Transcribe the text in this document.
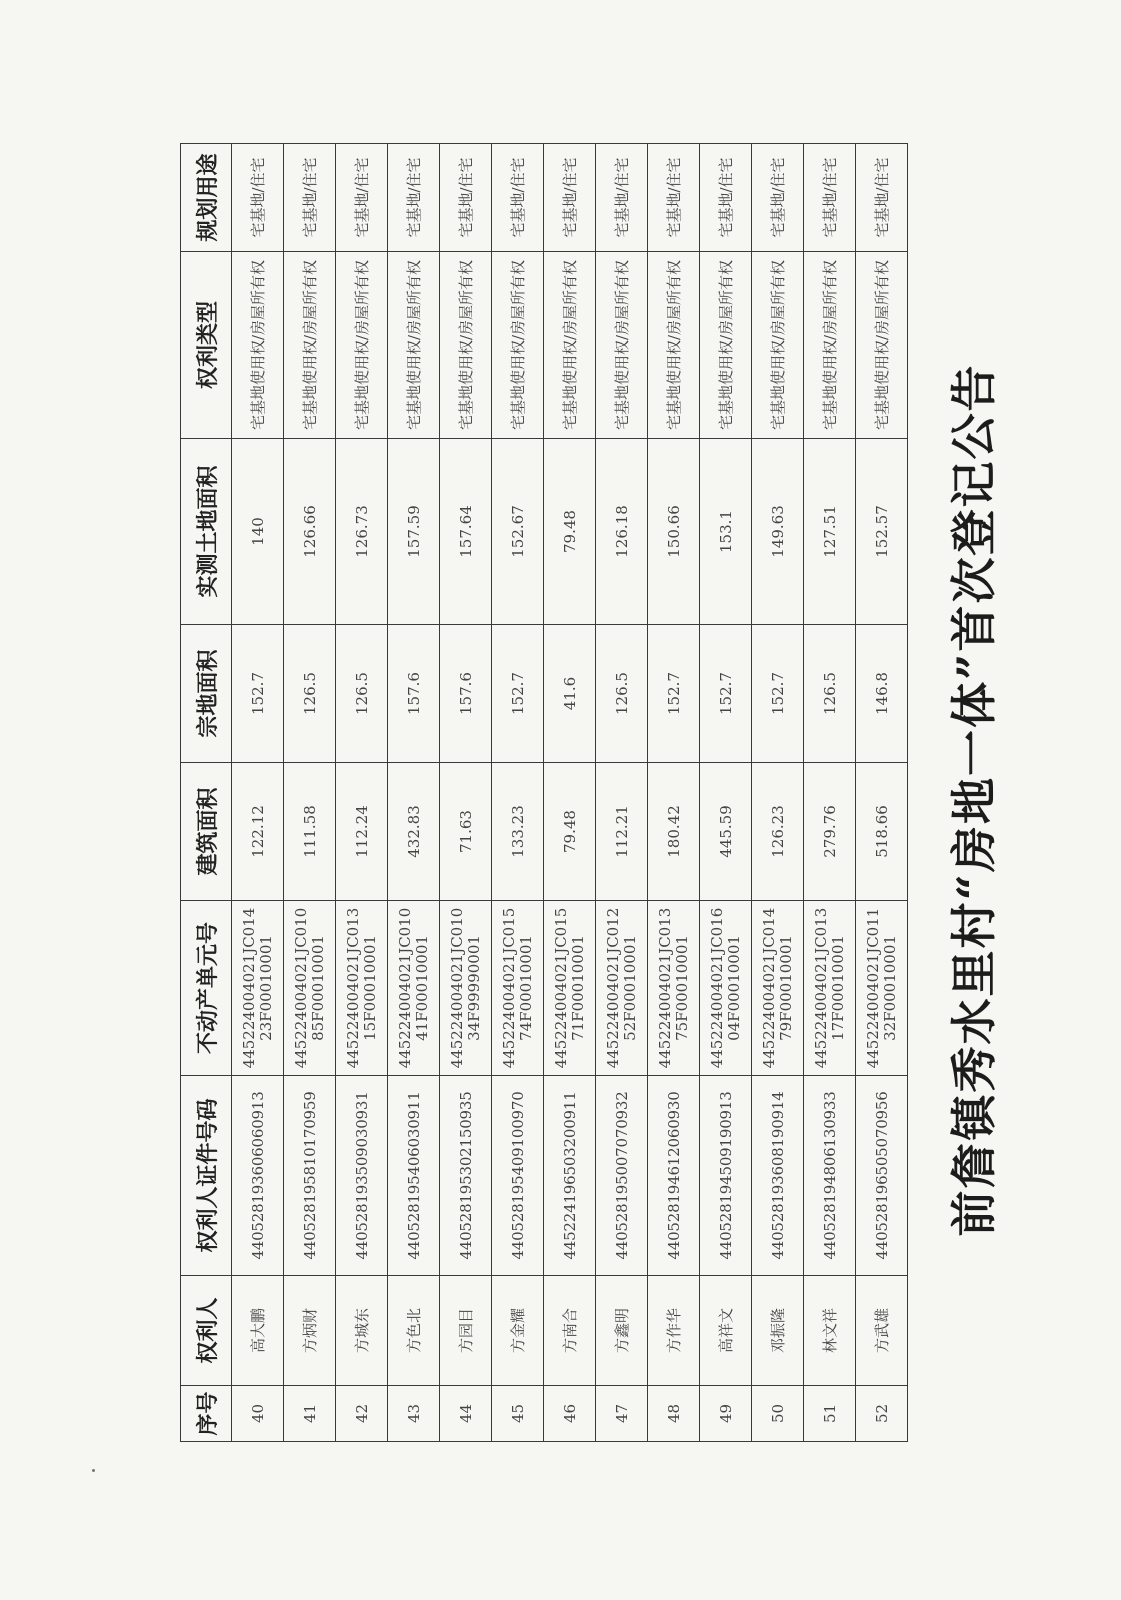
前詹镇秀水里村“房地一体”首次登记公告
序号	权利人	权利人证件号码	不动产单元号	建筑面积	宗地面积	实测土地面积	权利类型	规划用途
40	高大鹏	440528193606060913	445224004021JC01423F00010001	122.12	152.7	140	宅基地使用权/房屋所有权	宅基地/住宅
41	方炳财	440528195810170959	445224004021JC01085F00010001	111.58	126.5	126.66	宅基地使用权/房屋所有权	宅基地/住宅
42	方城东	440528193509030931	445224004021JC01315F00010001	112.24	126.5	126.73	宅基地使用权/房屋所有权	宅基地/住宅
43	方色北	440528195406030911	445224004021JC01041F00010001	432.83	157.6	157.59	宅基地使用权/房屋所有权	宅基地/住宅
44	方园目	440528195302150935	445224004021JC01034F99990001	71.63	157.6	157.64	宅基地使用权/房屋所有权	宅基地/住宅
45	方金耀	440528195409100970	445224004021JC01574F00010001	133.23	152.7	152.67	宅基地使用权/房屋所有权	宅基地/住宅
46	方南合	445224196503200911	445224004021JC01571F00010001	79.48	41.6	79.48	宅基地使用权/房屋所有权	宅基地/住宅
47	方鑫明	440528195007070932	445224004021JC01252F00010001	112.21	126.5	126.18	宅基地使用权/房屋所有权	宅基地/住宅
48	方作华	440528194612060930	445224004021JC01375F00010001	180.42	152.7	150.66	宅基地使用权/房屋所有权	宅基地/住宅
49	高祥文	440528194509190913	445224004021JC01604F00010001	445.59	152.7	153.1	宅基地使用权/房屋所有权	宅基地/住宅
50	邓振隆	440528193608190914	445224004021JC01479F00010001	126.23	152.7	149.63	宅基地使用权/房屋所有权	宅基地/住宅
51	林文祥	440528194806130933	445224004021JC01317F00010001	279.76	126.5	127.51	宅基地使用权/房屋所有权	宅基地/住宅
52	方武雄	440528196505070956	445224004021JC01132F00010001	518.66	146.8	152.57	宅基地使用权/房屋所有权	宅基地/住宅
